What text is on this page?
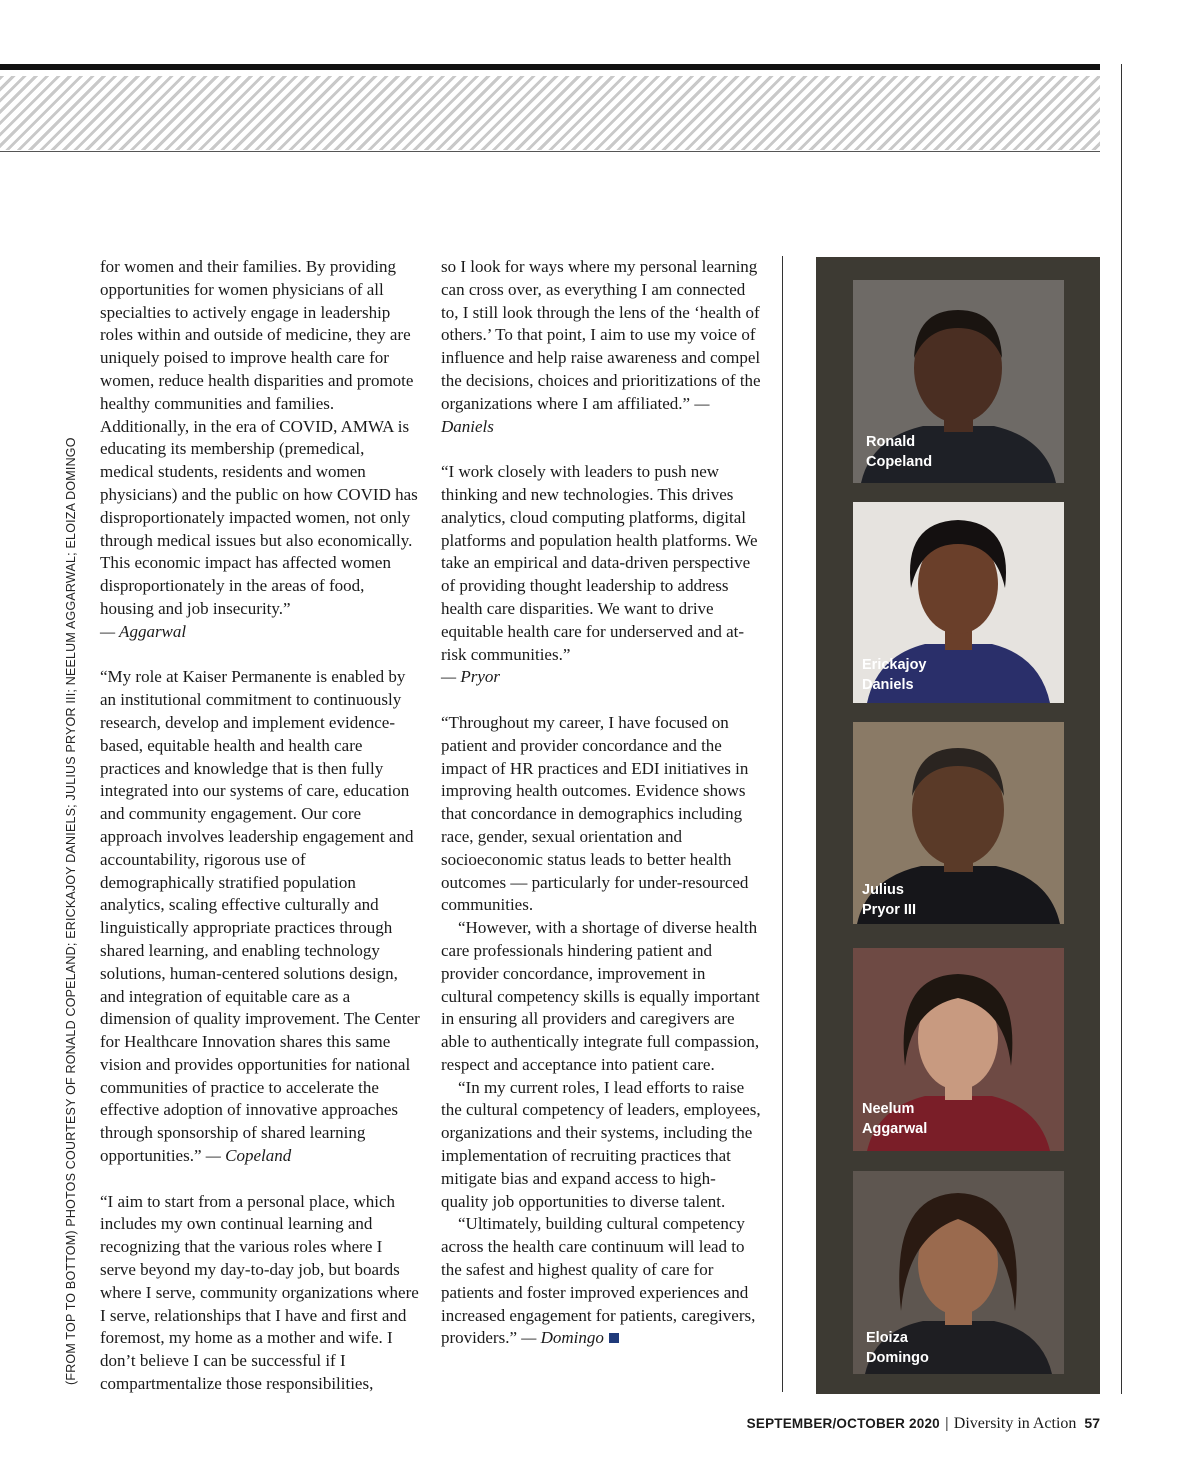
(FROM TOP TO BOTTOM) PHOTOS COURTESY OF RONALD COPELAND; ERICKAJOY DANIELS; JULIUS PRYOR III; NEELUM AGGARWAL; ELOIZA DOMINGO

for women and their families. By providing opportunities for women physicians of all specialties to actively engage in leadership roles within and outside of medicine, they are uniquely poised to improve health care for women, reduce health disparities and promote healthy communities and families. Additionally, in the era of COVID, AMWA is educating its membership (premedical, medical students, residents and women physicians) and the public on how COVID has disproportionately impacted women, not only through medical issues but also economically. This economic impact has affected women disproportionately in the areas of food, housing and job insecurity.”
— Aggarwal

“My role at Kaiser Permanente is enabled by an institutional commitment to continuously research, develop and implement evidence-based, equitable health and health care practices and knowledge that is then fully integrated into our systems of care, education and community engagement. Our core approach involves leadership engagement and accountability, rigorous use of demographically stratified population analytics, scaling effective culturally and linguistically appropriate practices through shared learning, and enabling technology solutions, human-centered solutions design, and integration of equitable care as a dimension of quality improvement. The Center for Healthcare Innovation shares this same vision and provides opportunities for national communities of practice to accelerate the effective adoption of innovative approaches through sponsorship of shared learning opportunities.” — Copeland

“I aim to start from a personal place, which includes my own continual learning and recognizing that the various roles where I serve beyond my day-to-day job, but boards where I serve, community organizations where I serve, relationships that I have and first and foremost, my home as a mother and wife. I don’t believe I can be successful if I compartmentalize those responsibilities,

so I look for ways where my personal learning can cross over, as everything I am connected to, I still look through the lens of the ‘health of others.’ To that point, I aim to use my voice of influence and help raise awareness and compel the decisions, choices and prioritizations of the organizations where I am affiliated.” — Daniels

“I work closely with leaders to push new thinking and new technologies. This drives analytics, cloud computing platforms, digital platforms and population health platforms. We take an empirical and data-driven perspective of providing thought leadership to address health care disparities. We want to drive equitable health care for underserved and at-risk communities.”
— Pryor

“Throughout my career, I have focused on patient and provider concordance and the impact of HR practices and EDI initiatives in improving health outcomes. Evidence shows that concordance in demographics including race, gender, sexual orientation and socioeconomic status leads to better health outcomes — particularly for under-resourced communities.

“However, with a shortage of diverse health care professionals hindering patient and provider concordance, improvement in cultural competency skills is equally important in ensuring all providers and caregivers are able to authentically integrate full compassion, respect and acceptance into patient care.

“In my current roles, I lead efforts to raise the cultural competency of leaders, employees, organizations and their systems, including the implementation of recruiting practices that mitigate bias and expand access to high-quality job opportunities to diverse talent.

“Ultimately, building cultural competency across the health care continuum will lead to the safest and highest quality of care for patients and foster improved experiences and increased engagement for patients, caregivers, providers.” — Domingo

Ronald
Copeland
Erickajoy
Daniels
Julius
Pryor III
Neelum
Aggarwal
Eloiza
Domingo
SEPTEMBER/OCTOBER 2020 | Diversity in Action 57
